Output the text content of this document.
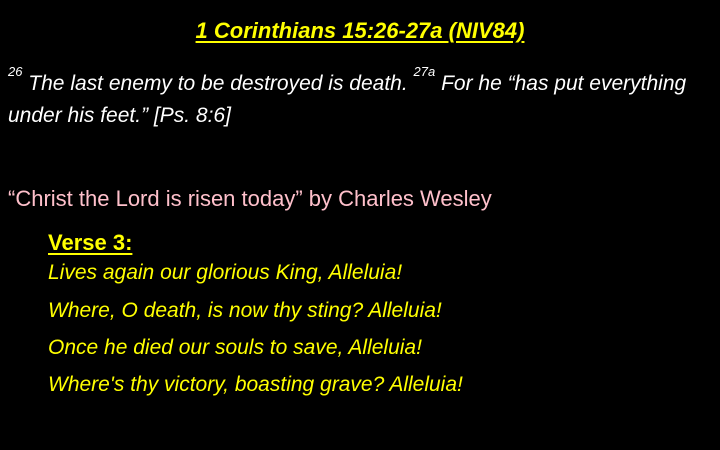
1 Corinthians 15:26-27a (NIV84)
$^{26}$ The last enemy to be destroyed is death. $^{27a}$ For he “has put everything under his feet.” [Ps. 8:6]
“Christ the Lord is risen today” by Charles Wesley
Verse 3:
Lives again our glorious King, Alleluia!
Where, O death, is now thy sting? Alleluia!
Once he died our souls to save, Alleluia!
Where's thy victory, boasting grave? Alleluia!
